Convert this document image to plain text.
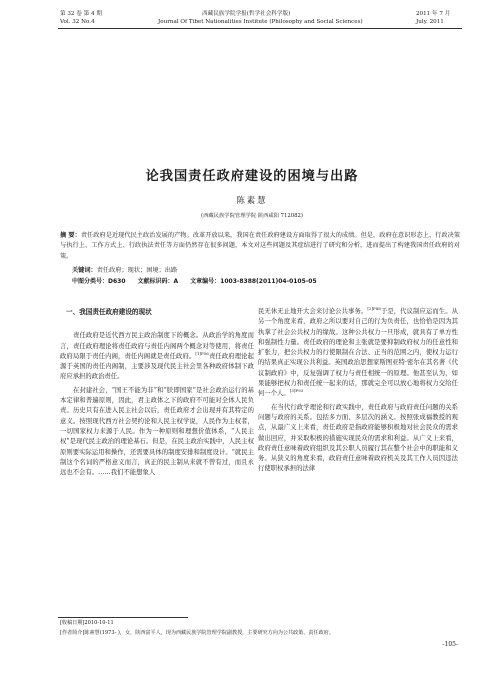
第 32 卷 第 4 期	西藏民族学院学报(哲学社会科学版)	2011 年 7 月
Vol. 32 No.4	Journal Of Tibet Nationalities Institute (Philosophy and Social Sciences)	July. 2011
论我国责任政府建设的困境与出路
陈素慧
(西藏民族学院管理学院 陕西咸阳 712082)
摘 要：责任政府是近现代民主政治发展的产物。改革开放以来，我国在责任政府建设方面取得了很大的成绩。但是，政府在意识形态上、行政决策与执行上、工作方式上、行政执法责任等方面仍然存在很多问题，本文对这些问题及其症结进行了研究和分析，进而提出了构建我国责任政府的对策。
关键词：责任政府；现状；困境；出路
中图分类号：D630 文献标识码：A 文章编号：1003-8388(2011)04-0105-05
一、我国责任政府建设的现状

责任政府是近代西方民主政治制度下的概念。从政治学的角度而言，责任政府理论将责任政府与责任内阁两个概念对等使用，将责任政府局限于责任内阁，责任内阁就是责任政府。$^{[1]P56}$责任政府理论起源于英国的责任内阁制，主要涉及现代民主社会里各种政府体制下政府应承担的政治责任。

在封建社会，“国王不能为非”和“朕即国家”是社会政治运行的基本定律和普遍原则，因此，君主政体之下的政府不可能对全体人民负责。历史只有在进入民主社会以后，责任政府才会出现并有其特定的意义。按照现代西方社会契约论和人民主权学说，人民作为主权者，一切国家权力来源于人民。作为一种原则和理想价值体系，“人民主权”是现代民主政治的理论基石。但是，在民主政治实践中，人民主权原则要实际运用和操作，还需要具体的制度安排和制度设计。“就民主制这个名词的严格意义而言，真正的民主制从来就不曾有过，而且永远也不会有。……我们不能想象人

民无休无止地开大会来讨论公共事务。$^{[2]P88}$于是，代议制应运而生。从另一个角度来看，政府之所以要对自己的行为负责任，也恰恰是因为其执掌了社会公共权力的缘故。这种公共权力一旦形成，就具有了单方性和强制性力量。责任政府的理论和主张就是要抑制政府权力的任意性和扩张力，把公共权力的行使限制在合法、正当的范围之内，使权力运行的结果真正实现公共利益。英国政治思想家斯图亚特·密尔在其名著《代议制政府》中，反复强调了权力与责任相统一的原理。他甚至认为，如果能够把权力和责任统一起来的话，那就完全可以放心地将权力交给任何一个人。$^{[3]P93}$

在当代行政学理论和行政实践中，责任政府与政府责任问题的关系问题与政府的关系。包括多方面、多层次的涵义。按照张成福教授的观点，从最广义上来看，责任政府是指政府能够积极地对社会民众的需求做出回应，并采取积极的措施实现民众的需求和利益。从广义上来看，政府责任意味着政府组织及其公职人员履行其在整个社会中的职能和义务。从狭义的角度来看，政府责任意味着政府机关及其工作人员因违法行使职权承担的法律

[收稿日期]2010-10-11
[作者简介]陈素慧(1973- )，女，陕西富平人，现为西藏民族学院管理学院副教授，主要研究方向为公共政策、责任政府。
-105-
